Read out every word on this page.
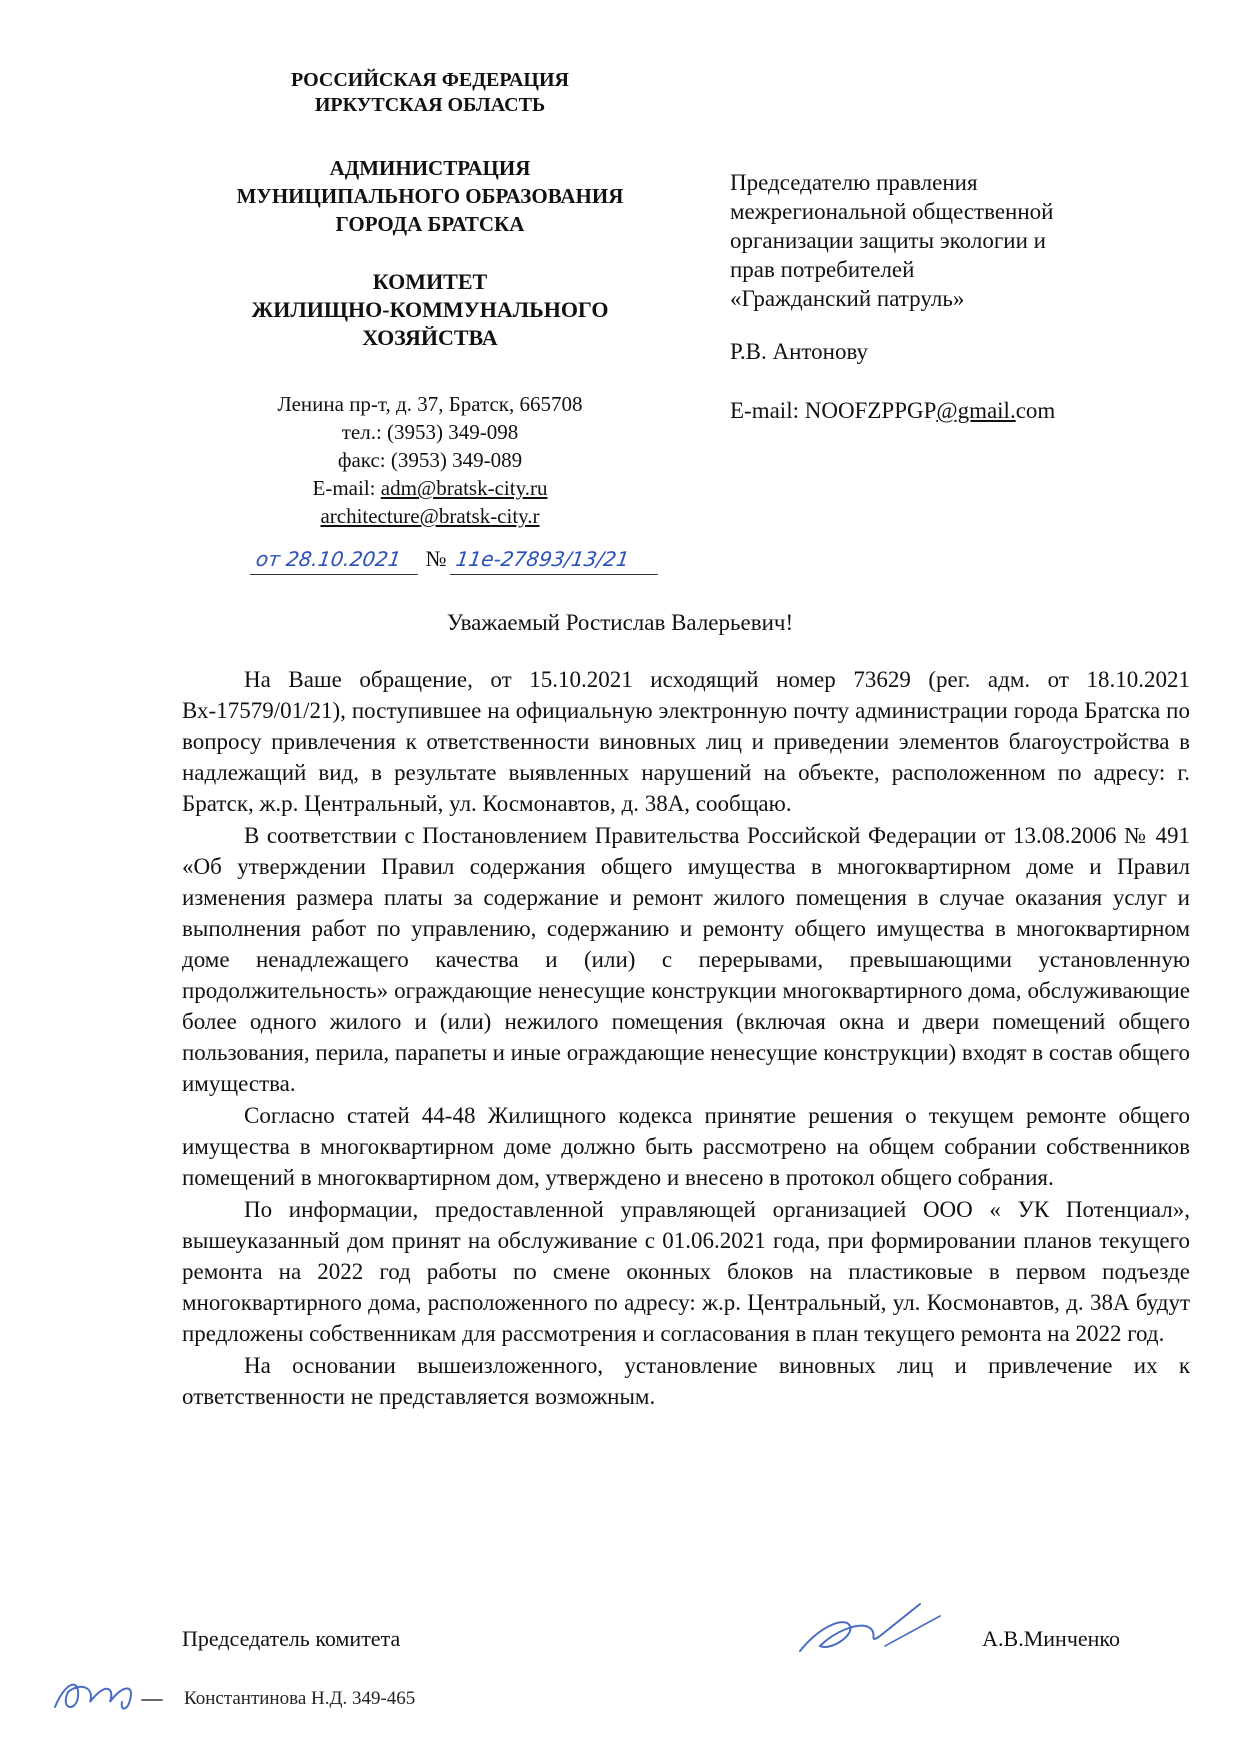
РОССИЙСКАЯ ФЕДЕРАЦИЯ
ИРКУТСКАЯ ОБЛАСТЬ
АДМИНИСТРАЦИЯ
МУНИЦИПАЛЬНОГО ОБРАЗОВАНИЯ
ГОРОДА БРАТСКА
КОМИТЕТ
ЖИЛИЩНО-КОММУНАЛЬНОГО
ХОЗЯЙСТВА
Ленина пр-т, д. 37, Братск, 665708
тел.: (3953) 349-098
факс: (3953) 349-089
E-mail: adm@bratsk-city.ru
architecture@bratsk-city.r
Председателю правления
межрегиональной общественной
организации защиты экологии и
прав потребителей
«Гражданский патруль»
Р.В. Антонову
E-mail: NOOFZPPGP@gmail.com
от 28.10.2021 № 11е-27893/13/21
Уважаемый Ростислав Валерьевич!

На Ваше обращение, от 15.10.2021 исходящий номер 73629 (рег. адм. от 18.10.2021 Вх-17579/01/21), поступившее на официальную электронную почту администрации города Братска по вопросу привлечения к ответственности виновных лиц и приведении элементов благоустройства в надлежащий вид, в результате выявленных нарушений на объекте, расположенном по адресу: г. Братск, ж.р. Центральный, ул. Космонавтов, д. 38А, сообщаю.

В соответствии с Постановлением Правительства Российской Федерации от 13.08.2006 № 491 «Об утверждении Правил содержания общего имущества в многоквартирном доме и Правил изменения размера платы за содержание и ремонт жилого помещения в случае оказания услуг и выполнения работ по управлению, содержанию и ремонту общего имущества в многоквартирном доме ненадлежащего качества и (или) с перерывами, превышающими установленную продолжительность» ограждающие ненесущие конструкции многоквартирного дома, обслуживающие более одного жилого и (или) нежилого помещения (включая окна и двери помещений общего пользования, перила, парапеты и иные ограждающие ненесущие конструкции) входят в состав общего имущества.

Согласно статей 44-48 Жилищного кодекса принятие решения о текущем ремонте общего имущества в многоквартирном доме должно быть рассмотрено на общем собрании собственников помещений в многоквартирном дом, утверждено и внесено в протокол общего собрания.

По информации, предоставленной управляющей организацией ООО « УК Потенциал», вышеуказанный дом принят на обслуживание с 01.06.2021 года, при формировании планов текущего ремонта на 2022 год работы по смене оконных блоков на пластиковые в первом подъезде многоквартирного дома, расположенного по адресу: ж.р. Центральный, ул. Космонавтов, д. 38А будут предложены собственникам для рассмотрения и согласования в план текущего ремонта на 2022 год.

На основании вышеизложенного, установление виновных лиц и привлечение их к ответственности не представляется возможным.

Председатель комитета	А.В.Минченко
Константинова Н.Д. 349-465
